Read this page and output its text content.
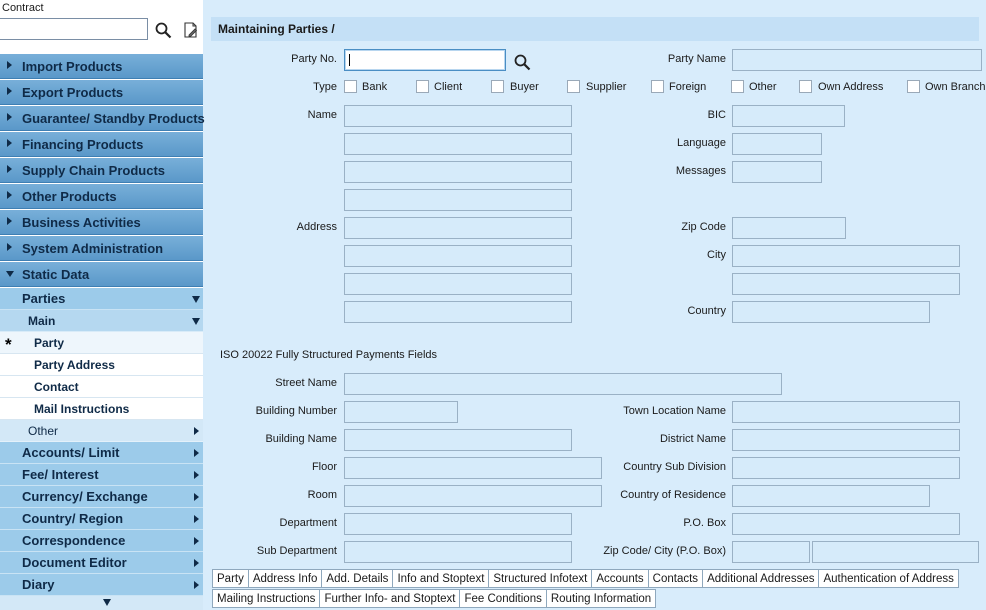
Contract
Import Products
Export Products
Guarantee/ Standby Products
Financing Products
Supply Chain Products
Other Products
Business Activities
System Administration
Static Data
Parties
Main
* Party
Party Address
Contact
Mail Instructions
Other
Accounts/ Limit
Fee/ Interest
Currency/ Exchange
Country/ Region
Correspondence
Document Editor
Diary
Maintaining Parties /
Party No.	Party Name
Type Bank	Client	Buyer	Supplier	Foreign	Other	Own Address	Own Branch
Name	BIC
Language
Messages
Address	Zip Code
City
Country
ISO 20022 Fully Structured Payments Fields
Street Name
Building Number	Town Location Name
Building Name	District Name
Floor	Country Sub Division
Room	Country of Residence
Department	P.O. Box
Sub Department	Zip Code/ City (P.O. Box)
Party Address Info Add. Details Info and Stoptext Structured Infotext Accounts Contacts Additional Addresses Authentication of Address
Mailing Instructions Further Info- and Stoptext Fee Conditions Routing Information
